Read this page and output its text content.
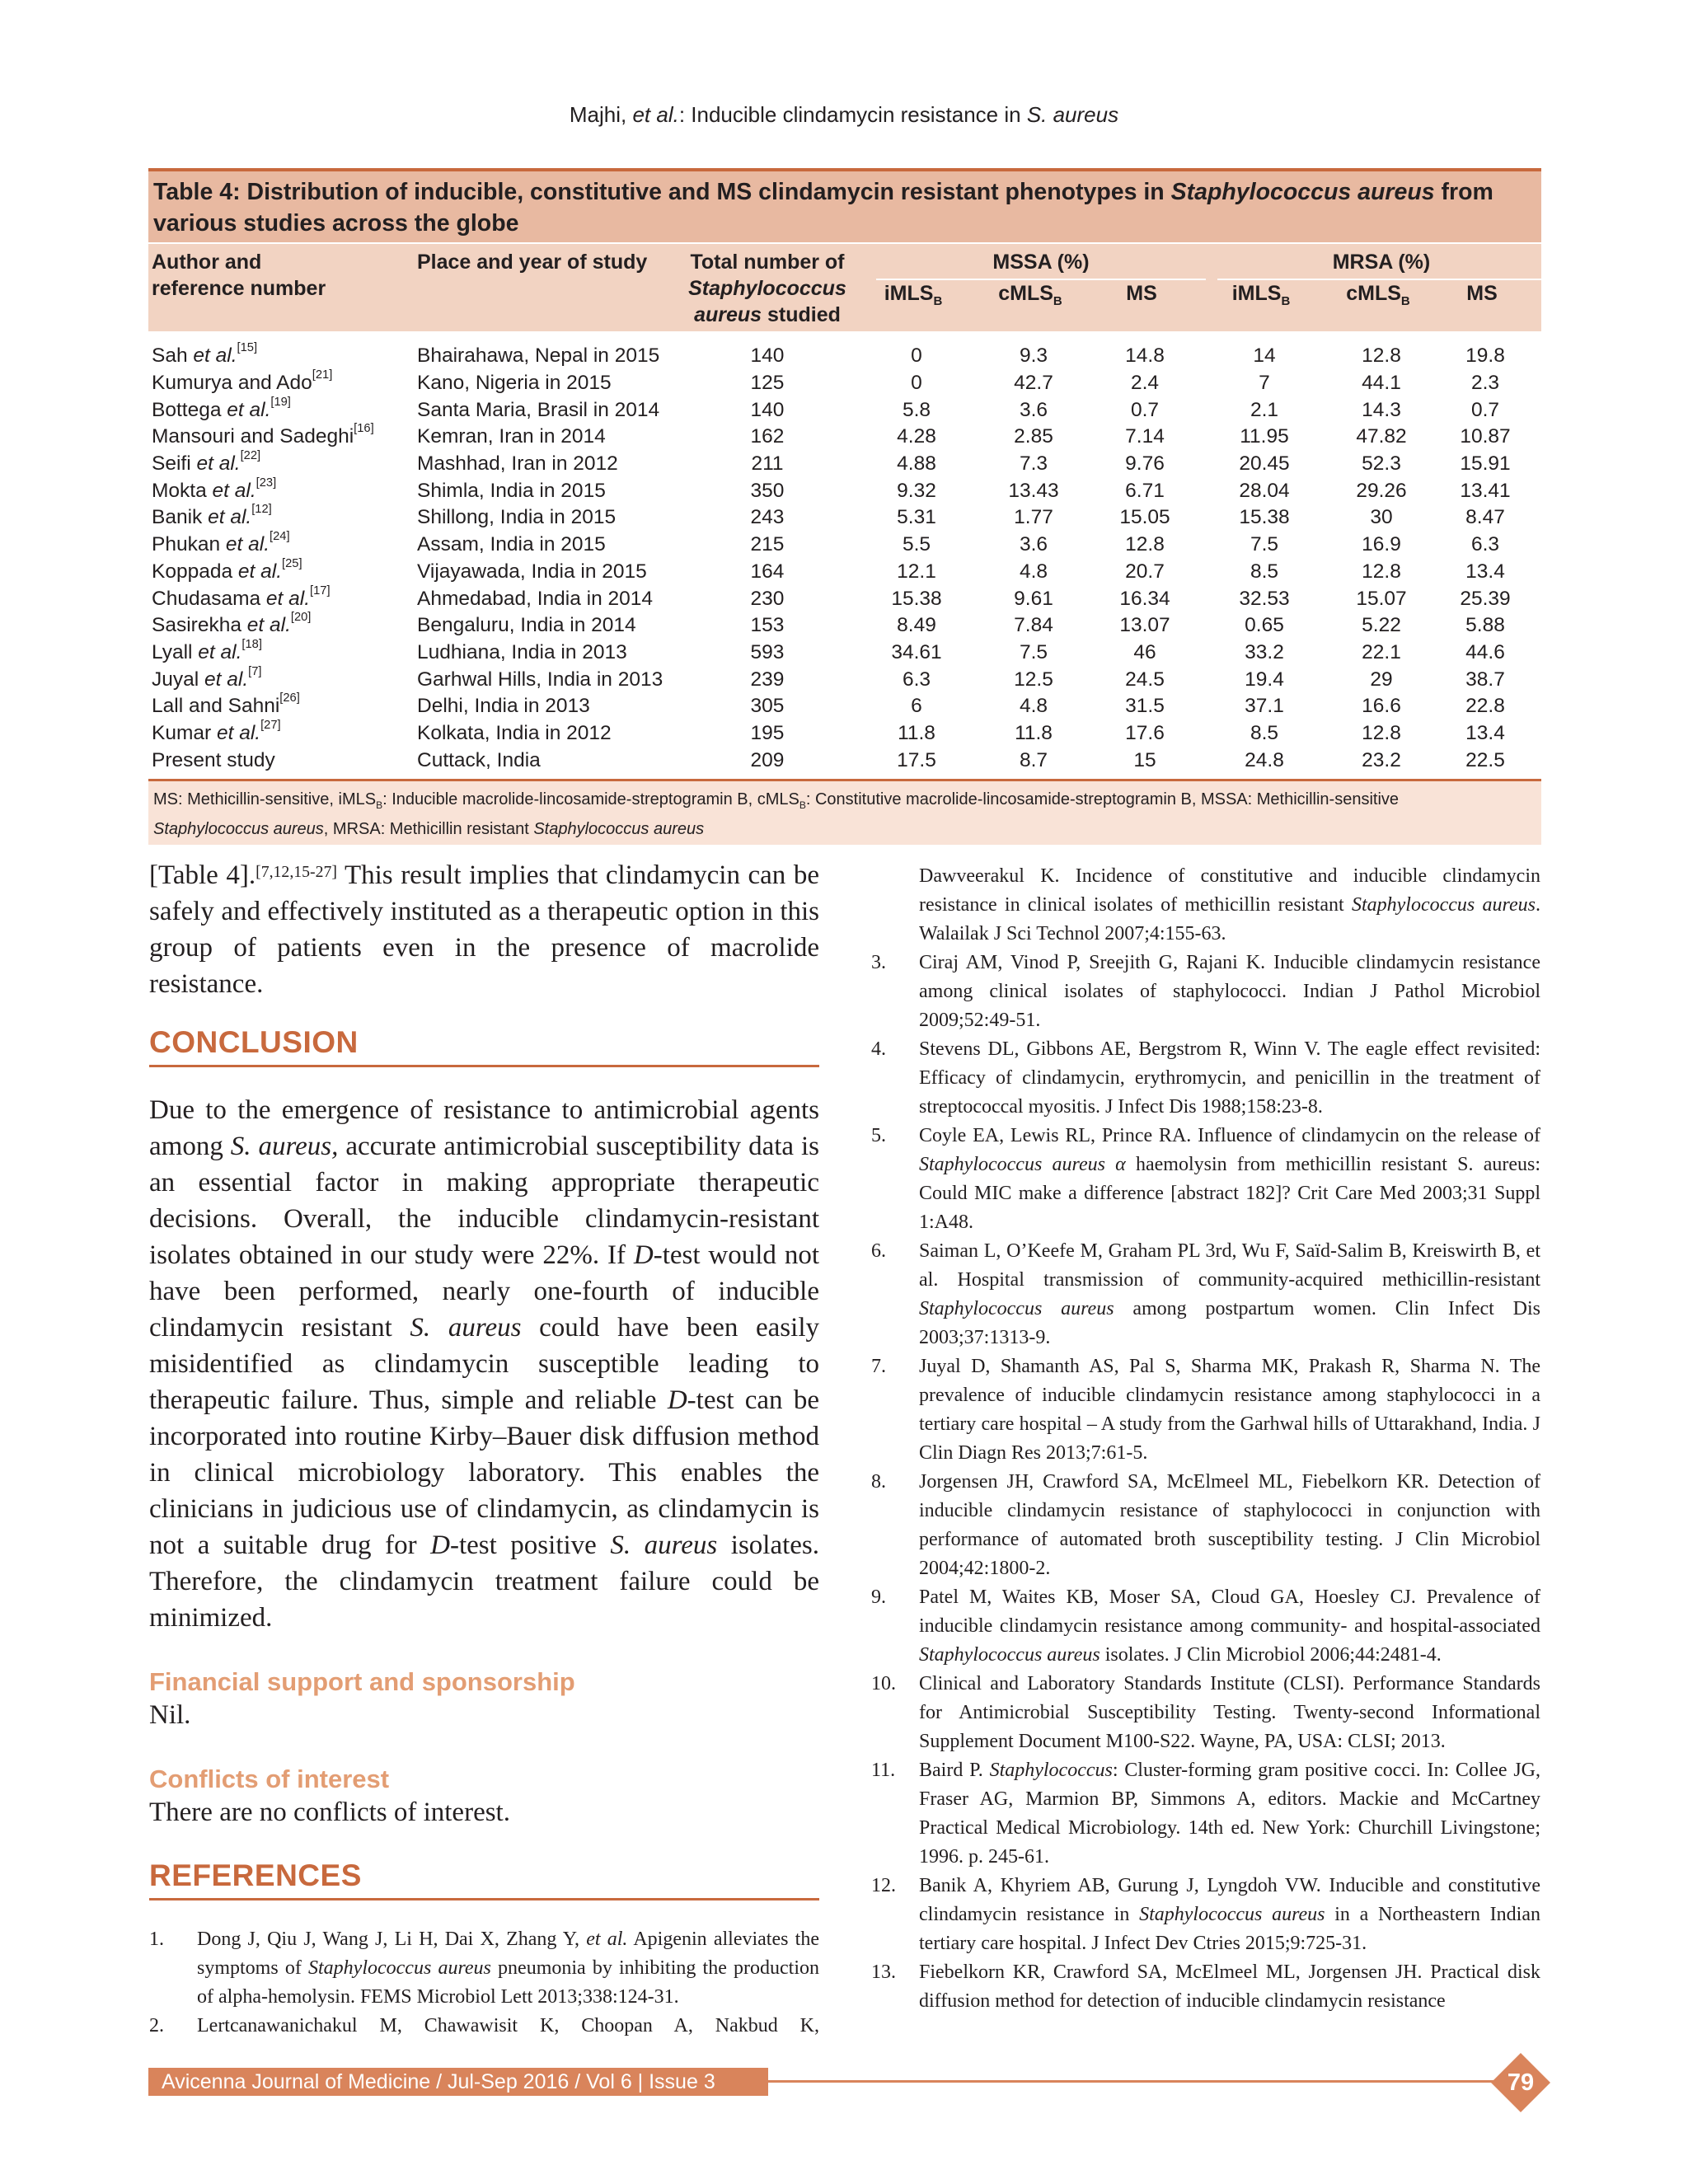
Majhi, et al.: Inducible clindamycin resistance in S. aureus
Table 4: Distribution of inducible, constitutive and MS clindamycin resistant phenotypes in Staphylococcus aureus from various studies across the globe
Author and
reference number
Place and year of study	Total number of
Staphylococcus
aureus studied
MSSA (%)	MRSA (%)
iMLS$_B$	cMLS$_B$	MS	iMLS$_B$	cMLS$_B$	MS
Sah et al.[15]	Bhairahawa, Nepal in 2015	140	0	9.3	14.8	14	12.8	19.8
Kumurya and Ado[21]	Kano, Nigeria in 2015	125	0	42.7	2.4	7	44.1	2.3
Bottega et al.[19]	Santa Maria, Brasil in 2014	140	5.8	3.6	0.7	2.1	14.3	0.7
Mansouri and Sadeghi[16]	Kemran, Iran in 2014	162	4.28	2.85	7.14	11.95	47.82	10.87
Seifi et al.[22]	Mashhad, Iran in 2012	211	4.88	7.3	9.76	20.45	52.3	15.91
Mokta et al.[23]	Shimla, India in 2015	350	9.32	13.43	6.71	28.04	29.26	13.41
Banik et al.[12]	Shillong, India in 2015	243	5.31	1.77	15.05	15.38	30	8.47
Phukan et al.[24]	Assam, India in 2015	215	5.5	3.6	12.8	7.5	16.9	6.3
Koppada et al.[25]	Vijayawada, India in 2015	164	12.1	4.8	20.7	8.5	12.8	13.4
Chudasama et al.[17]	Ahmedabad, India in 2014	230	15.38	9.61	16.34	32.53	15.07	25.39
Sasirekha et al.[20]	Bengaluru, India in 2014	153	8.49	7.84	13.07	0.65	5.22	5.88
Lyall et al.[18]	Ludhiana, India in 2013	593	34.61	7.5	46	33.2	22.1	44.6
Juyal et al.[7]	Garhwal Hills, India in 2013	239	6.3	12.5	24.5	19.4	29	38.7
Lall and Sahni[26]	Delhi, India in 2013	305	6	4.8	31.5	37.1	16.6	22.8
Kumar et al.[27]	Kolkata, India in 2012	195	11.8	11.8	17.6	8.5	12.8	13.4
Present study	Cuttack, India	209	17.5	8.7	15	24.8	23.2	22.5
MS: Methicillin-sensitive, iMLS$_B$: Inducible macrolide-lincosamide-streptogramin B, cMLS$_B$: Constitutive macrolide-lincosamide-streptogramin B, MSSA: Methicillin-sensitive
Staphylococcus aureus, MRSA: Methicillin resistant Staphylococcus aureus

[Table 4].[7,12,15-27] This result implies that clindamycin can be safely and effectively instituted as a therapeutic option in this group of patients even in the presence of macrolide resistance.

CONCLUSION

Due to the emergence of resistance to antimicrobial agents among S. aureus, accurate antimicrobial susceptibility data is an essential factor in making appropriate therapeutic decisions. Overall, the inducible clindamycin-resistant isolates obtained in our study were 22%. If D-test would not have been performed, nearly one-fourth of inducible clindamycin resistant S. aureus could have been easily misidentified as clindamycin susceptible leading to therapeutic failure. Thus, simple and reliable D-test can be incorporated into routine Kirby–Bauer disk diffusion method in clinical microbiology laboratory. This enables the clinicians in judicious use of clindamycin, as clindamycin is not a suitable drug for D-test positive S. aureus isolates. Therefore, the clindamycin treatment failure could be minimized.

Financial support and sponsorship

Nil.

Conflicts of interest

There are no conflicts of interest.

REFERENCES
1.	Dong J, Qiu J, Wang J, Li H, Dai X, Zhang Y, et al. Apigenin alleviates the symptoms of Staphylococcus aureus pneumonia by inhibiting the production of alpha-hemolysin. FEMS Microbiol Lett 2013;338:124-31.
2.	Lertcanawanichakul M, Chawawisit K, Choopan A, Nakbud K,
Dawveerakul K. Incidence of constitutive and inducible clindamycin resistance in clinical isolates of methicillin resistant Staphylococcus aureus. Walailak J Sci Technol 2007;4:155-63.
3.	Ciraj AM, Vinod P, Sreejith G, Rajani K. Inducible clindamycin resistance among clinical isolates of staphylococci. Indian J Pathol Microbiol 2009;52:49-51.
4.	Stevens DL, Gibbons AE, Bergstrom R, Winn V. The eagle effect revisited: Efficacy of clindamycin, erythromycin, and penicillin in the treatment of streptococcal myositis. J Infect Dis 1988;158:23-8.
5.	Coyle EA, Lewis RL, Prince RA. Influence of clindamycin on the release of Staphylococcus aureus α haemolysin from methicillin resistant S. aureus: Could MIC make a difference [abstract 182]? Crit Care Med 2003;31 Suppl 1:A48.
6.	Saiman L, O’Keefe M, Graham PL 3rd, Wu F, Saïd-Salim B, Kreiswirth B, et al. Hospital transmission of community-acquired methicillin-resistant Staphylococcus aureus among postpartum women. Clin Infect Dis 2003;37:1313-9.
7.	Juyal D, Shamanth AS, Pal S, Sharma MK, Prakash R, Sharma N. The prevalence of inducible clindamycin resistance among staphylococci in a tertiary care hospital – A study from the Garhwal hills of Uttarakhand, India. J Clin Diagn Res 2013;7:61-5.
8.	Jorgensen JH, Crawford SA, McElmeel ML, Fiebelkorn KR. Detection of inducible clindamycin resistance of staphylococci in conjunction with performance of automated broth susceptibility testing. J Clin Microbiol 2004;42:1800-2.
9.	Patel M, Waites KB, Moser SA, Cloud GA, Hoesley CJ. Prevalence of inducible clindamycin resistance among community- and hospital-associated Staphylococcus aureus isolates. J Clin Microbiol 2006;44:2481-4.
10.	Clinical and Laboratory Standards Institute (CLSI). Performance Standards for Antimicrobial Susceptibility Testing. Twenty-second Informational Supplement Document M100-S22. Wayne, PA, USA: CLSI; 2013.
11.	Baird P. Staphylococcus: Cluster-forming gram positive cocci. In: Collee JG, Fraser AG, Marmion BP, Simmons A, editors. Mackie and McCartney Practical Medical Microbiology. 14th ed. New York: Churchill Livingstone; 1996. p. 245-61.
12.	Banik A, Khyriem AB, Gurung J, Lyngdoh VW. Inducible and constitutive clindamycin resistance in Staphylococcus aureus in a Northeastern Indian tertiary care hospital. J Infect Dev Ctries 2015;9:725-31.
13.	Fiebelkorn KR, Crawford SA, McElmeel ML, Jorgensen JH. Practical disk diffusion method for detection of inducible clindamycin resistance
Avicenna Journal of Medicine / Jul-Sep 2016 / Vol 6 | Issue 3	79
